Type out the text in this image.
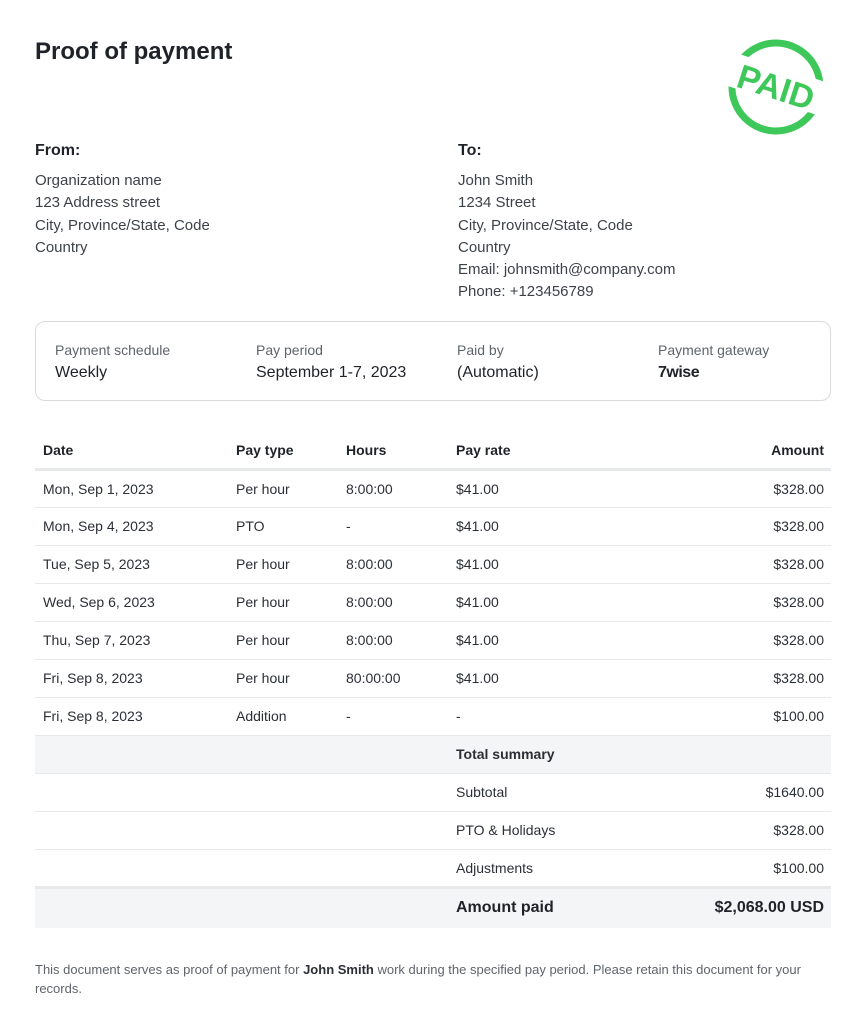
Proof of payment
PAID
From:
Organization name
123 Address street
City, Province/State, Code
Country
To:
John Smith
1234 Street
City, Province/State, Code
Country
Email: johnsmith@company.com
Phone: +123456789
Payment schedule
Weekly
Pay period
September 1-7, 2023
Paid by
(Automatic)
Payment gateway
7wise
Date	Pay type	Hours	Pay rate	Amount
Mon, Sep 1, 2023	Per hour	8:00:00	$41.00	$328.00
Mon, Sep 4, 2023	PTO	-	$41.00	$328.00
Tue, Sep 5, 2023	Per hour	8:00:00	$41.00	$328.00
Wed, Sep 6, 2023	Per hour	8:00:00	$41.00	$328.00
Thu, Sep 7, 2023	Per hour	8:00:00	$41.00	$328.00
Fri, Sep 8, 2023	Per hour	80:00:00	$41.00	$328.00
Fri, Sep 8, 2023	Addition	-	-	$100.00
			Total summary	
			Subtotal	$1640.00
			PTO & Holidays	$328.00
			Adjustments	$100.00
			Amount paid	$2,068.00 USD
This document serves as proof of payment for John Smith work during the specified pay period. Please retain this document for your records.
